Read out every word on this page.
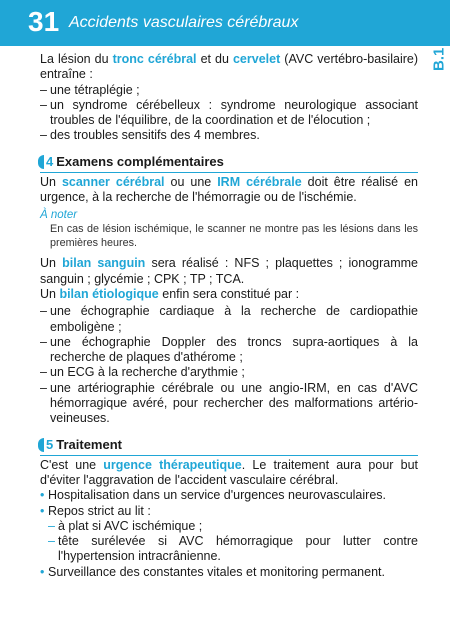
31 Accidents vasculaires cérébraux
B.1

La lésion du tronc cérébral et du cervelet (AVC vertébro-basilaire) entraîne :

– une tétraplégie ;
– un syndrome cérébelleux : syndrome neurologique associant troubles de l'équilibre, de la coordination et de l'élocution ;
– des troubles sensitifs des 4 membres.
4 Examens complémentaires

Un scanner cérébral ou une IRM cérébrale doit être réalisé en urgence, à la recherche de l'hémorragie ou de l'ischémie.

À noter
En cas de lésion ischémique, le scanner ne montre pas les lésions dans les premières heures.

Un bilan sanguin sera réalisé : NFS ; plaquettes ; ionogramme sanguin ; glycémie ; CPK ; TP ; TCA.

Un bilan étiologique enfin sera constitué par :

– une échographie cardiaque à la recherche de cardiopathie emboligène ;
– une échographie Doppler des troncs supra-aortiques à la recherche de plaques d'athérome ;
– un ECG à la recherche d'arythmie ;
– une artériographie cérébrale ou une angio-IRM, en cas d'AVC hémorragique avéré, pour rechercher des malformations artério-veineuses.
5 Traitement

C'est une urgence thérapeutique. Le traitement aura pour but d'éviter l'aggravation de l'accident vasculaire cérébral.

• Hospitalisation dans un service d'urgences neurovasculaires.
• Repos strict au lit :
– à plat si AVC ischémique ;
– tête surélevée si AVC hémorragique pour lutter contre l'hypertension intracrânienne.
• Surveillance des constantes vitales et monitoring permanent.
